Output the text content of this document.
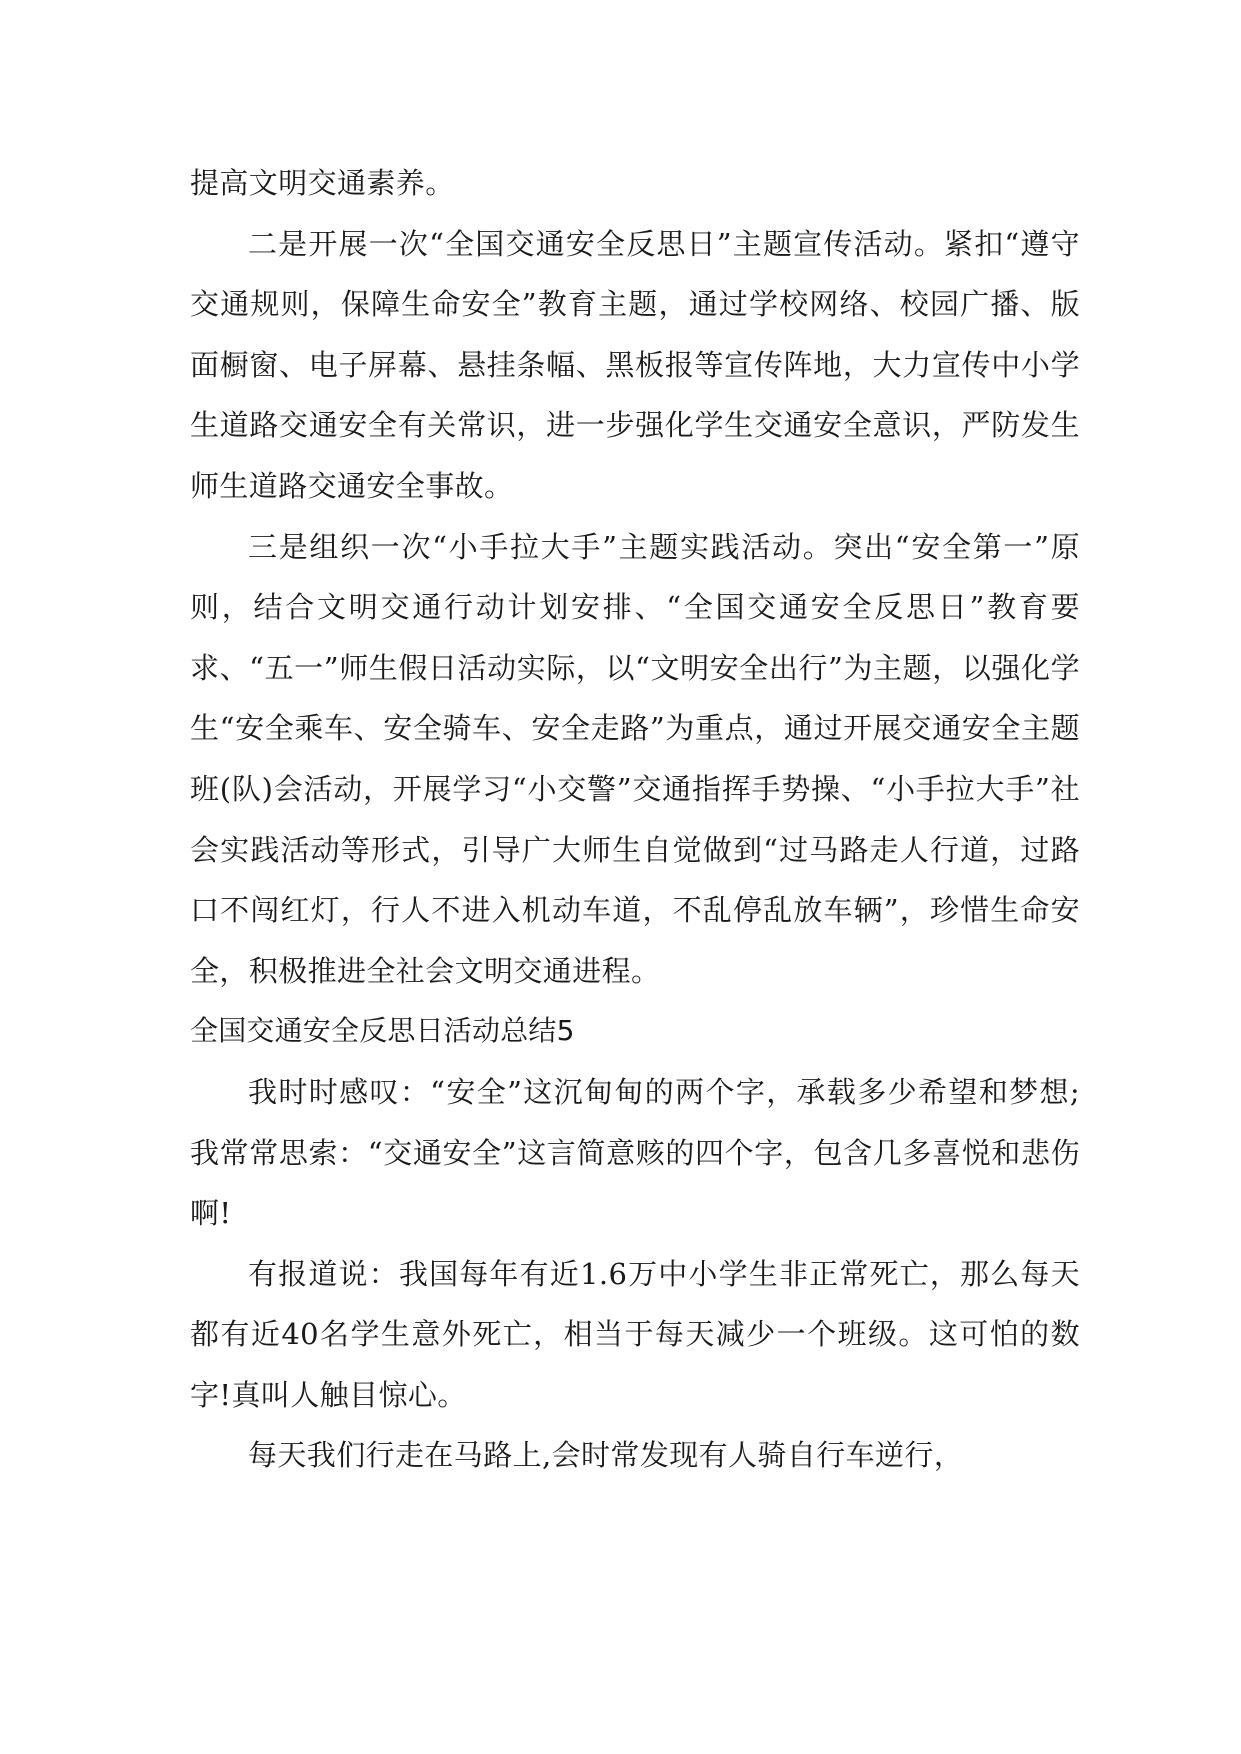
提高文明交通素养。

二是开展一次“全国交通安全反思日”主题宣传活动。紧扣“遵守交通规则，保障生命安全”教育主题，通过学校网络、校园广播、版面橱窗、电子屏幕、悬挂条幅、黑板报等宣传阵地，大力宣传中小学生道路交通安全有关常识，进一步强化学生交通安全意识，严防发生师生道路交通安全事故。

三是组织一次“小手拉大手”主题实践活动。突出“安全第一”原则，结合文明交通行动计划安排、“全国交通安全反思日”教育要求、“五一”师生假日活动实际，以“文明安全出行”为主题，以强化学生“安全乘车、安全骑车、安全走路”为重点，通过开展交通安全主题班(队)会活动，开展学习“小交警”交通指挥手势操、“小手拉大手”社会实践活动等形式，引导广大师生自觉做到“过马路走人行道，过路口不闯红灯，行人不进入机动车道，不乱停乱放车辆”，珍惜生命安全，积极推进全社会文明交通进程。

全国交通安全反思日活动总结5

我时时感叹：“安全”这沉甸甸的两个字，承载多少希望和梦想;我常常思索：“交通安全”这言简意赅的四个字，包含几多喜悦和悲伤啊!

有报道说：我国每年有近1.6万中小学生非正常死亡，那么每天都有近40名学生意外死亡，相当于每天减少一个班级。这可怕的数字!真叫人触目惊心。

每天我们行走在马路上,会时常发现有人骑自行车逆行，
